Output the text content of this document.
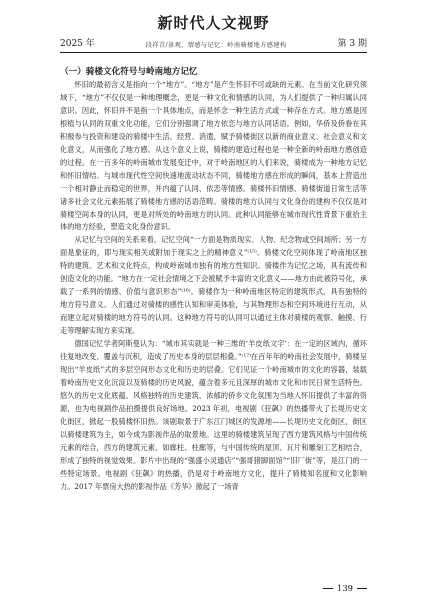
新时代人文视野
2025 年	段祥青/景观、情感与记忆：岭南骑楼地方感建构	第 3 期
（一）骑楼文化符号与岭南地方记忆

怀旧的最初含义是指向一个“地方”。“地方”是产生怀旧不可或缺的元素。在当前文化研究领域下，“地方”不仅仅是一种地理概念，更是一种文化和情感的认同，为人们提供了一种归属认同意识。因此，怀旧并不是指一个具体地点，而是怀念一种生活方式或一种存在方式。地方感是因根植与认同的双重文化功能，它们分别强调了地方依恋与地方认同话语。例如，华侨及侨眷在其积极参与投资和建设的骑楼中生活、经营、消遣，赋予骑楼街区以新的商业意义、社会意义和文化意义，从而强化了地方感。从这个意义上说，骑楼的建造过程也是一种全新的岭南地方感创造的过程。在一百多年的岭南城市发展变迁中，对于岭南地区的人们来说，骑楼成为一种地方记忆和怀旧情结。与城市现代性空间快速地流动状态不同，骑楼地方感在形成的瞬间，基本上营造出一个相对静止而稳定的世界，并内蕴了认同、依恋等情感。骑楼怀旧情感、骑楼街道日常生活等诸多社会文化元素拓展了骑楼地方感的话语范畴。骑楼的地方认同与文化身份的建构不仅仅是对骑楼空间本身的认同，更是对所处的岭南地方的认同。此种认同能够在城市现代性背景下重拾主体的地方经验，塑造文化身份意识。

从记忆与空间的关系来看，记忆空间“一方面是物质现实、人物、纪念物或空间场所；另一方面是象征的，即与现实相关或附加于现实之上的精神意义”⁽¹⁵⁾。骑楼文化空间体现了岭南地区独特的建筑、艺术和文化特点，构成岭南城市独有的地方性知识。骑楼作为记忆之场，具有流传和创造文化的功能。“地方在一定社会情境之下会被赋予丰富的文化意义——地方由此被符号化，承载了一系列的情感、价值与意识形态”⁽¹⁶⁾。骑楼作为一种岭南地区特定的建筑形式，具有独特的地方符号意义。人们通过对骑楼的感性认知和审美体验，与其物理形态和空间环境进行互动，从而建立起对骑楼的地方符号的认同。这种地方符号的认同可以通过主体对骑楼的观察、触摸、行走等理解实现方来实现。

德国记忆学者阿斯曼认为：“城市其实就是一种三维的‘羊皮纸文字’：在一定的区域内，循环往复地改变、覆盖与沉积，造成了历史本身的层层相叠。”⁽¹⁷⁾在百年年的岭南社会发展中，骑楼呈现出“羊皮纸”式的多层空间形态文化和历史的层叠。它们见证一个岭南城市的文化的容器，装载着岭南历史文化沉淀以及骑楼的历史风貌，蕴含着多元且深厚的城市文化和市民日常生活特色。悠久的历史文化底蕴、风格独特的历史建筑、浓郁的侨乡文化氛围为当地人怀旧提供了丰富的资源，也为电视剧作品拍摄提供良好场地。2023 年初，电视剧《狂飙》的热播带火了长堤历史文化街区，掀起一股骑楼怀旧热。该剧取景于广东江门城区的发源地——长堤历史文化街区，街区以骑楼建筑为主，如今成为影视作品的取景地。这里的骑楼建筑呈现了西方建筑风格与中国传统元素的结合，西方的建筑元素，如廊柱、柱廊等，与中国传统的屋顶、瓦片和雕刻工艺相结合，形成了独特的视觉效果。影片中出现的“强盛小灵通店”“强哥猪脚面馆”“旧厂街”等，是江门的一些特定场景。电视剧《狂飙》的热播，仍是对于岭南地方文化，提升了骑楼知名度和文化影响力。2017 年票房大热的影视作品《芳华》掀起了一场青

139
